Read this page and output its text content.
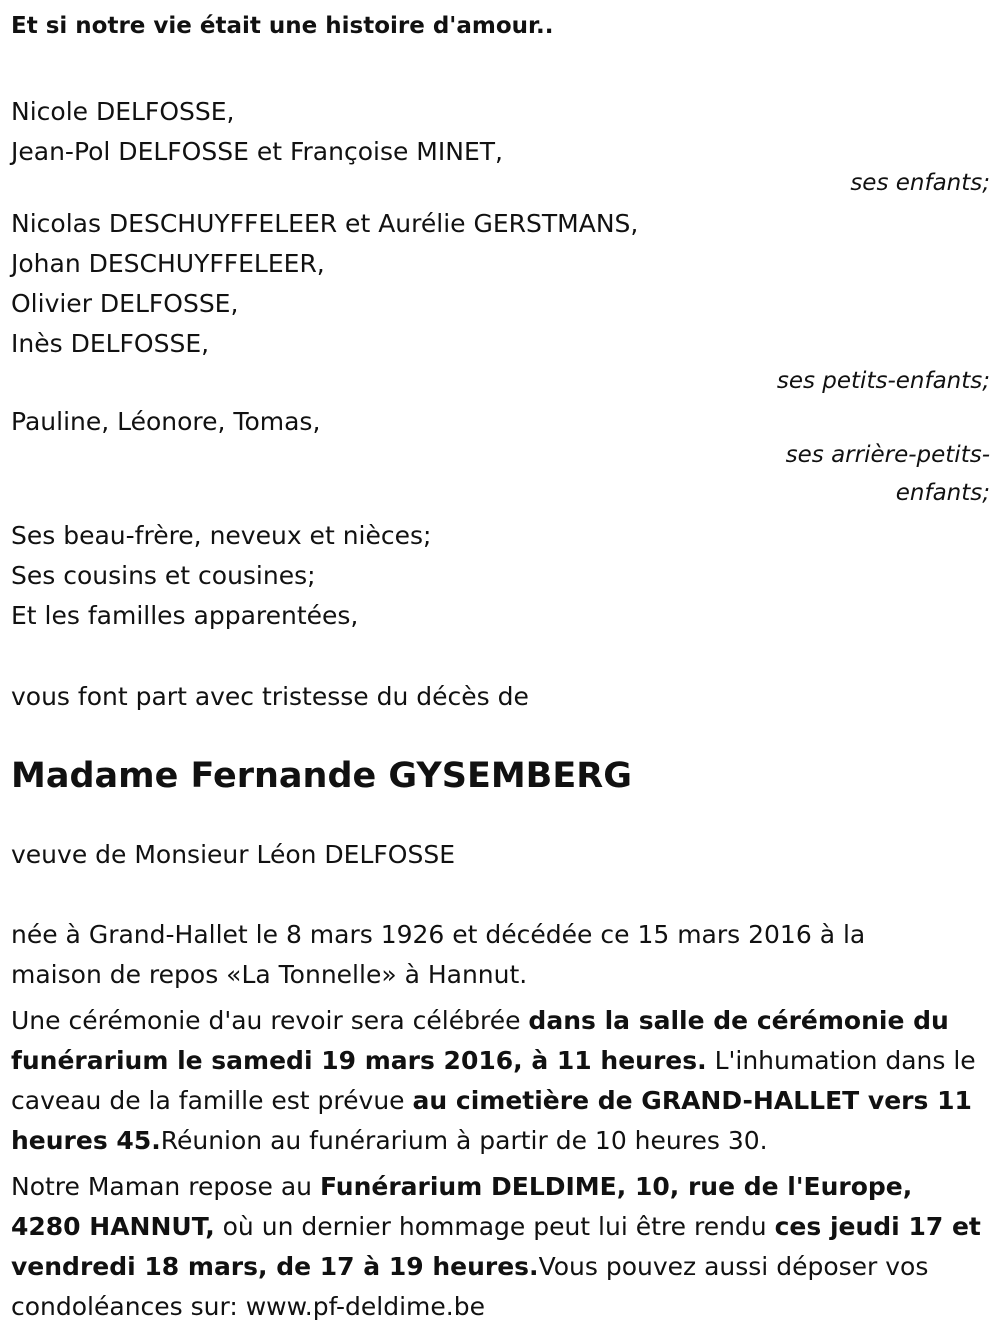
Et si notre vie était une histoire d'amour..
Nicole DELFOSSE,
Jean-Pol DELFOSSE et Françoise MINET,
ses enfants;
Nicolas DESCHUYFFELEER et Aurélie GERSTMANS,
Johan DESCHUYFFELEER,
Olivier DELFOSSE,
Inès DELFOSSE,
ses petits-enfants;
Pauline, Léonore, Tomas,
ses arrière-petits-
enfants;
Ses beau-frère, neveux et nièces;
Ses cousins et cousines;
Et les familles apparentées,
vous font part avec tristesse du décès de
Madame Fernande GYSEMBERG
veuve de Monsieur Léon DELFOSSE
née à Grand-Hallet le 8 mars 1926 et décédée ce 15 mars 2016 à la
maison de repos «La Tonnelle» à Hannut.
Une cérémonie d'au revoir sera célébrée dans la salle de cérémonie du funérarium le samedi 19 mars 2016, à 11 heures. L'inhumation dans le caveau de la famille est prévue au cimetière de GRAND-HALLET vers 11 heures 45.Réunion au funérarium à partir de 10 heures 30.
Notre Maman repose au Funérarium DELDIME, 10, rue de l'Europe, 4280 HANNUT, où un dernier hommage peut lui être rendu ces jeudi 17 et vendredi 18 mars, de 17 à 19 heures.Vous pouvez aussi déposer vos condoléances sur: www.pf-deldime.be
